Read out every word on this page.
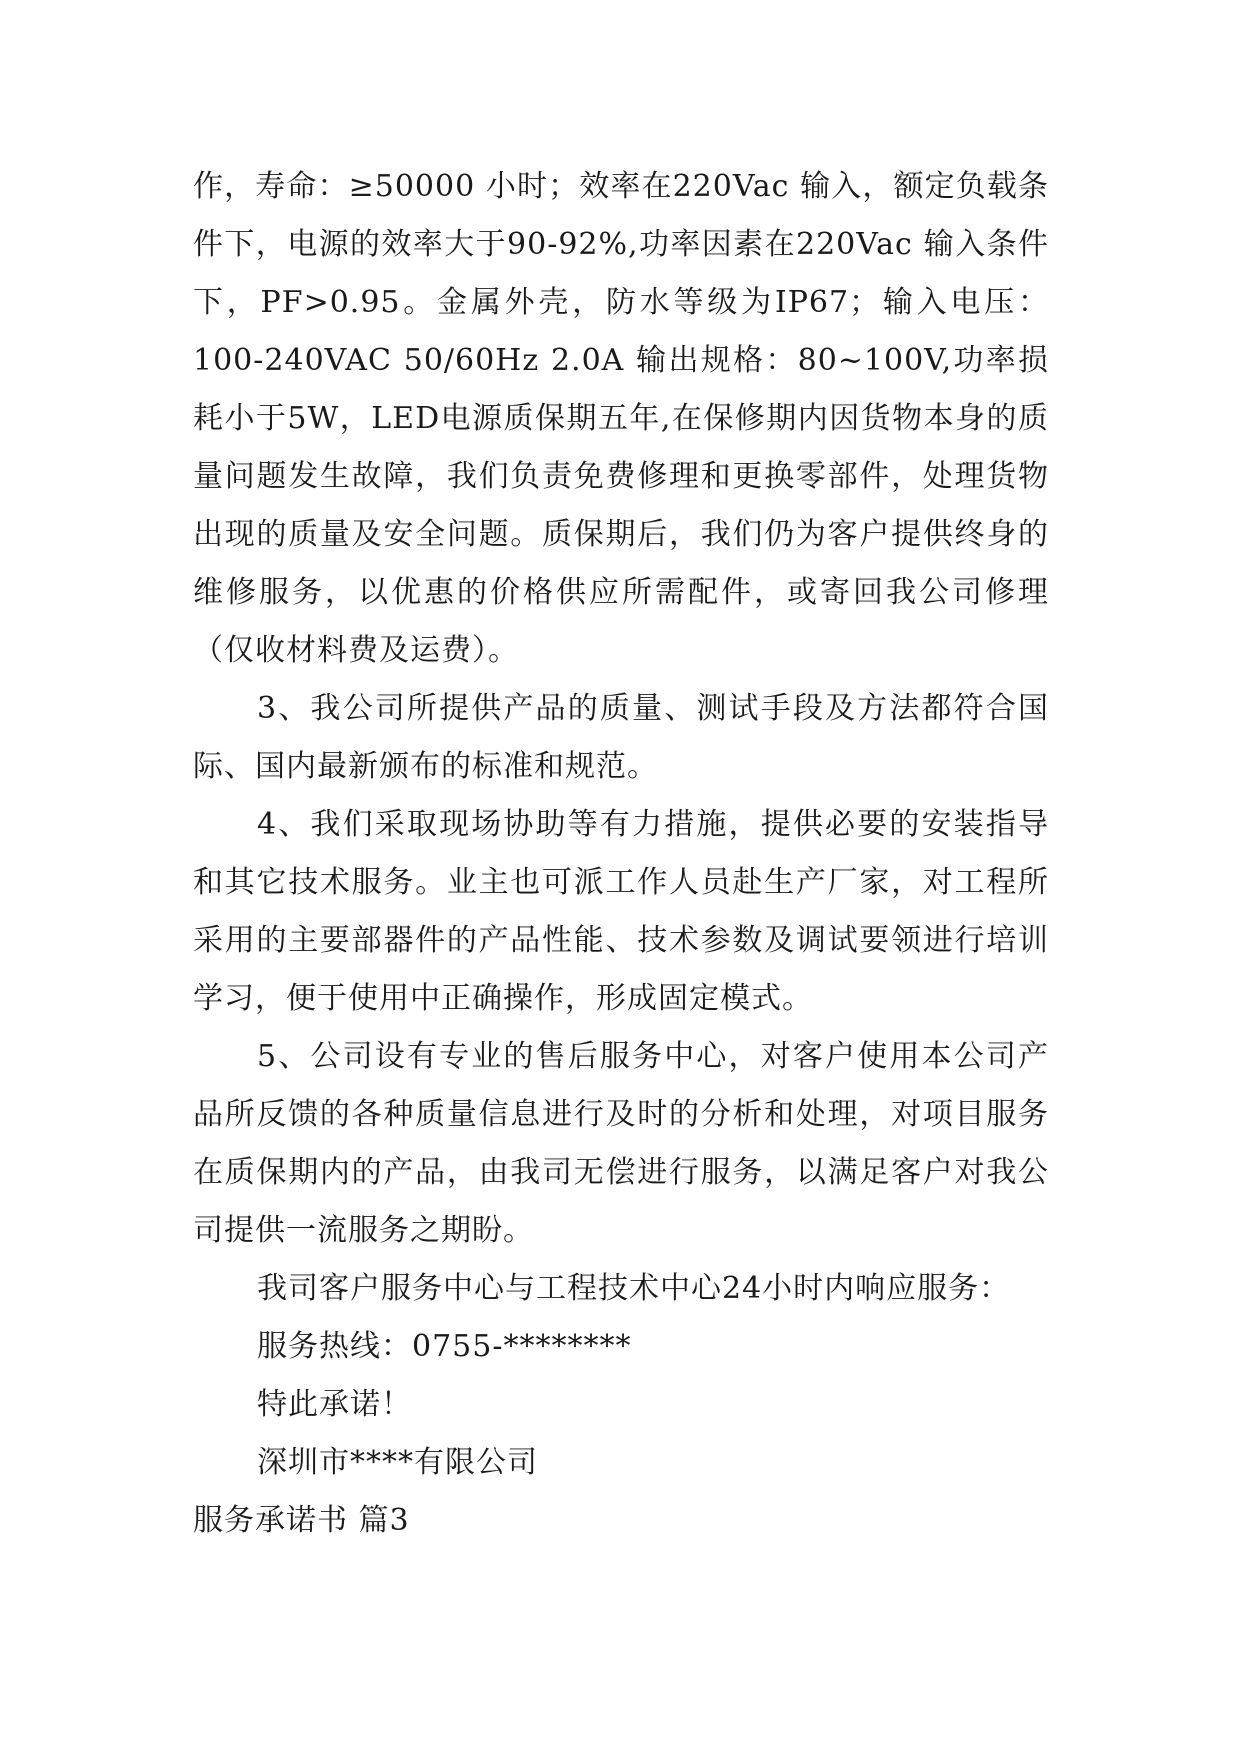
作，寿命：≥50000 小时；效率在220Vac 输入，额定负载条件下，电源的效率大于90-92%,功率因素在220Vac 输入条件下，PF>0.95。金属外壳，防水等级为IP67；输入电压：100-240VAC 50/60Hz 2.0A 输出规格：80~100V,功率损耗小于5W，LED电源质保期五年,在保修期内因货物本身的质量问题发生故障，我们负责免费修理和更换零部件，处理货物出现的质量及安全问题。质保期后，我们仍为客户提供终身的维修服务，以优惠的价格供应所需配件，或寄回我公司修理（仅收材料费及运费）。

3、我公司所提供产品的质量、测试手段及方法都符合国际、国内最新颁布的标准和规范。

4、我们采取现场协助等有力措施，提供必要的安装指导和其它技术服务。业主也可派工作人员赴生产厂家，对工程所采用的主要部器件的产品性能、技术参数及调试要领进行培训学习，便于使用中正确操作，形成固定模式。

5、公司设有专业的售后服务中心，对客户使用本公司产品所反馈的各种质量信息进行及时的分析和处理，对项目服务在质保期内的产品，由我司无偿进行服务，以满足客户对我公司提供一流服务之期盼。

我司客户服务中心与工程技术中心24小时内响应服务：

服务热线：0755-********

特此承诺！

深圳市****有限公司

服务承诺书 篇3
